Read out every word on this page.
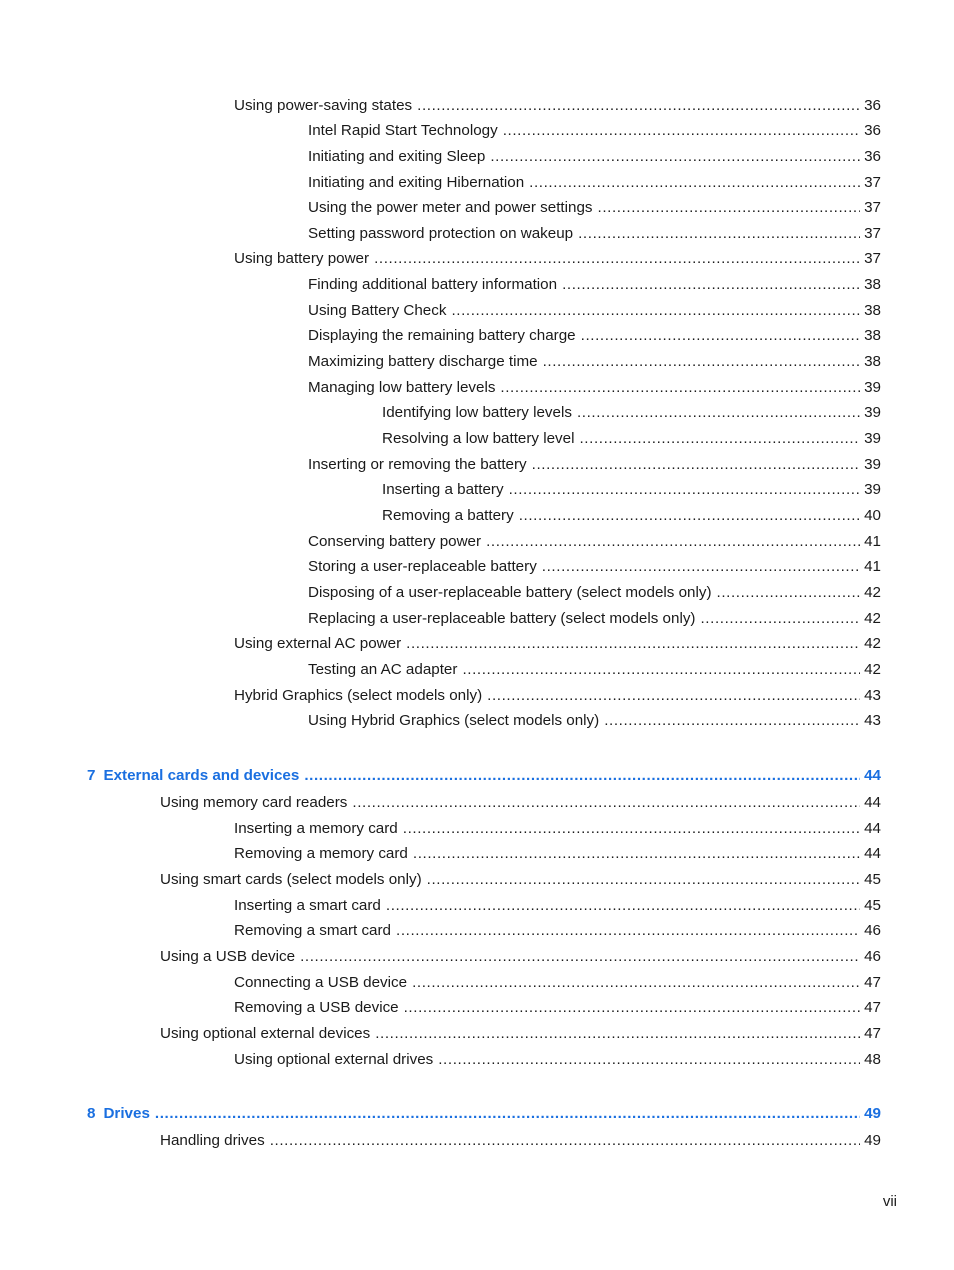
Using power-saving states .....	36
Intel Rapid Start Technology .....	36
Initiating and exiting Sleep .....	36
Initiating and exiting Hibernation .....	37
Using the power meter and power settings .....	37
Setting password protection on wakeup .....	37
Using battery power .....	37
Finding additional battery information .....	38
Using Battery Check .....	38
Displaying the remaining battery charge .....	38
Maximizing battery discharge time .....	38
Managing low battery levels .....	39
Identifying low battery levels .....	39
Resolving a low battery level .....	39
Inserting or removing the battery .....	39
Inserting a battery .....	39
Removing a battery .....	40
Conserving battery power .....	41
Storing a user-replaceable battery .....	41
Disposing of a user-replaceable battery (select models only) .....	42
Replacing a user-replaceable battery (select models only) .....	42
Using external AC power .....	42
Testing an AC adapter .....	42
Hybrid Graphics (select models only) .....	43
Using Hybrid Graphics (select models only) .....	43
7 External cards and devices .....	44
Using memory card readers .....	44
Inserting a memory card .....	44
Removing a memory card .....	44
Using smart cards (select models only) .....	45
Inserting a smart card .....	45
Removing a smart card .....	46
Using a USB device .....	46
Connecting a USB device .....	47
Removing a USB device .....	47
Using optional external devices .....	47
Using optional external drives .....	48
8 Drives .....	49
Handling drives .....	49
vii
